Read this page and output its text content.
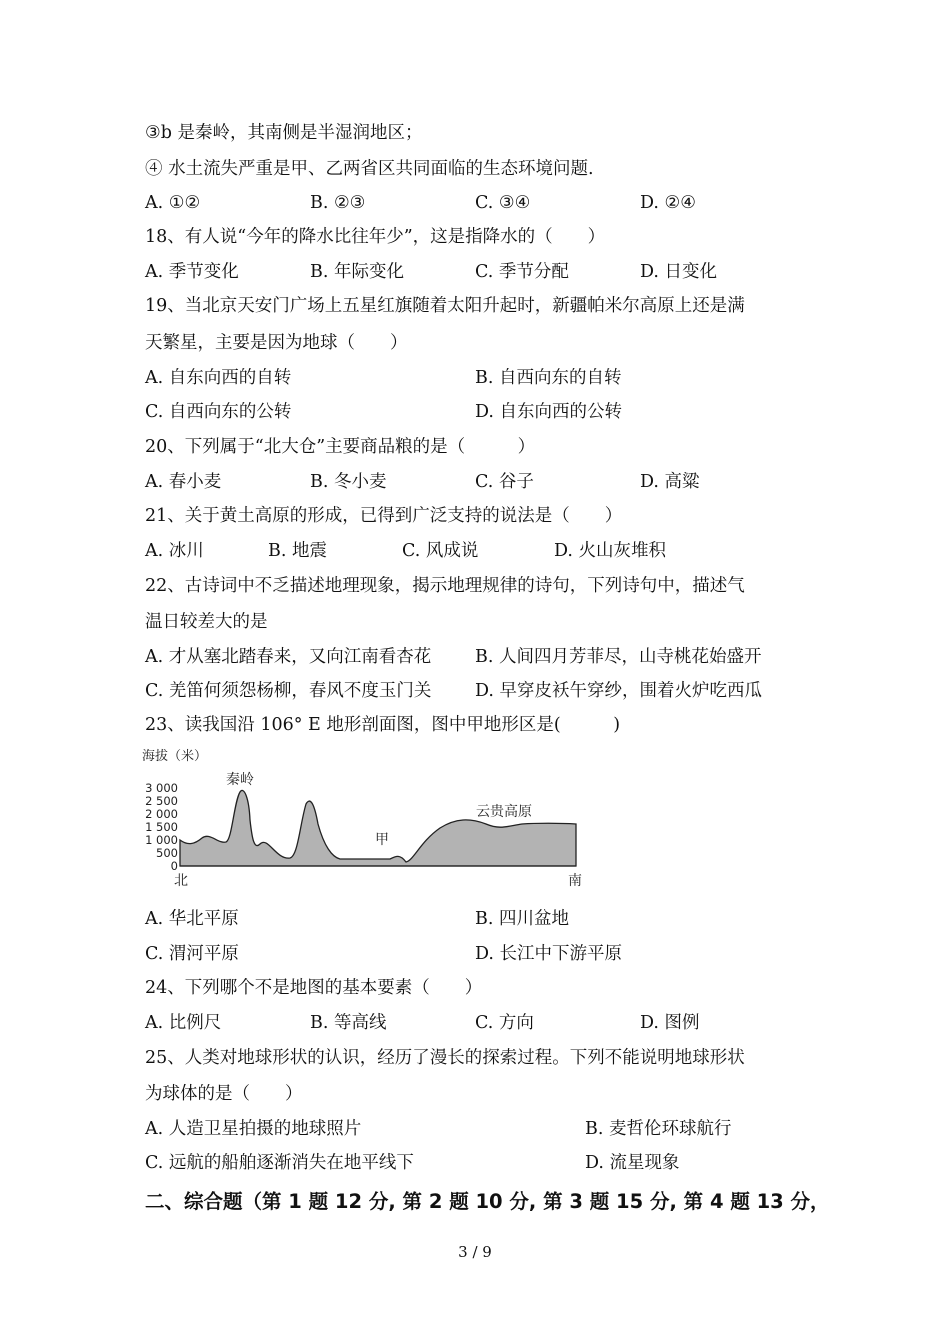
③b 是秦岭，其南侧是半湿润地区；
④ 水土流失严重是甲、乙两省区共同面临的生态环境问题.
A. ①②	B. ②③	C. ③④	D. ②④
18、有人说“今年的降水比往年少”，这是指降水的（　　）
A. 季节变化	B. 年际变化	C. 季节分配	D. 日变化
19、当北京天安门广场上五星红旗随着太阳升起时，新疆帕米尔高原上还是满
天繁星，主要是因为地球（　　）
A. 自东向西的自转	B. 自西向东的自转
C. 自西向东的公转	D. 自东向西的公转
20、下列属于“北大仓”主要商品粮的是（　　　）
A. 春小麦	B. 冬小麦	C. 谷子	D. 高粱
21、关于黄土高原的形成，已得到广泛支持的说法是（　　）
A. 冰川	B. 地震	C. 风成说	D. 火山灰堆积
22、古诗词中不乏描述地理现象，揭示地理规律的诗句，下列诗句中，描述气
温日较差大的是
A. 才从塞北踏春来，又向江南看杏花 B. 人间四月芳菲尽，山寺桃花始盛开
C. 羌笛何须怨杨柳，春风不度玉门关 D. 早穿皮袄午穿纱，围着火炉吃西瓜
23、读我国沿 106° E 地形剖面图，图中甲地形区是(　　　)
海拔（米）
3 000
2 500
2 000
1 500
1 000
500
0
秦岭
甲
云贵高原
北	南
A. 华北平原	B. 四川盆地
C. 渭河平原	D. 长江中下游平原
24、下列哪个不是地图的基本要素（　　）
A. 比例尺	B. 等高线	C. 方向	D. 图例
25、人类对地球形状的认识，经历了漫长的探索过程。下列不能说明地球形状
为球体的是（　　）
A. 人造卫星拍摄的地球照片	B. 麦哲伦环球航行
C. 远航的船舶逐渐消失在地平线下	D. 流星现象
二、综合题（第 1 题 12 分, 第 2 题 10 分, 第 3 题 15 分, 第 4 题 13 分，
3 / 9
